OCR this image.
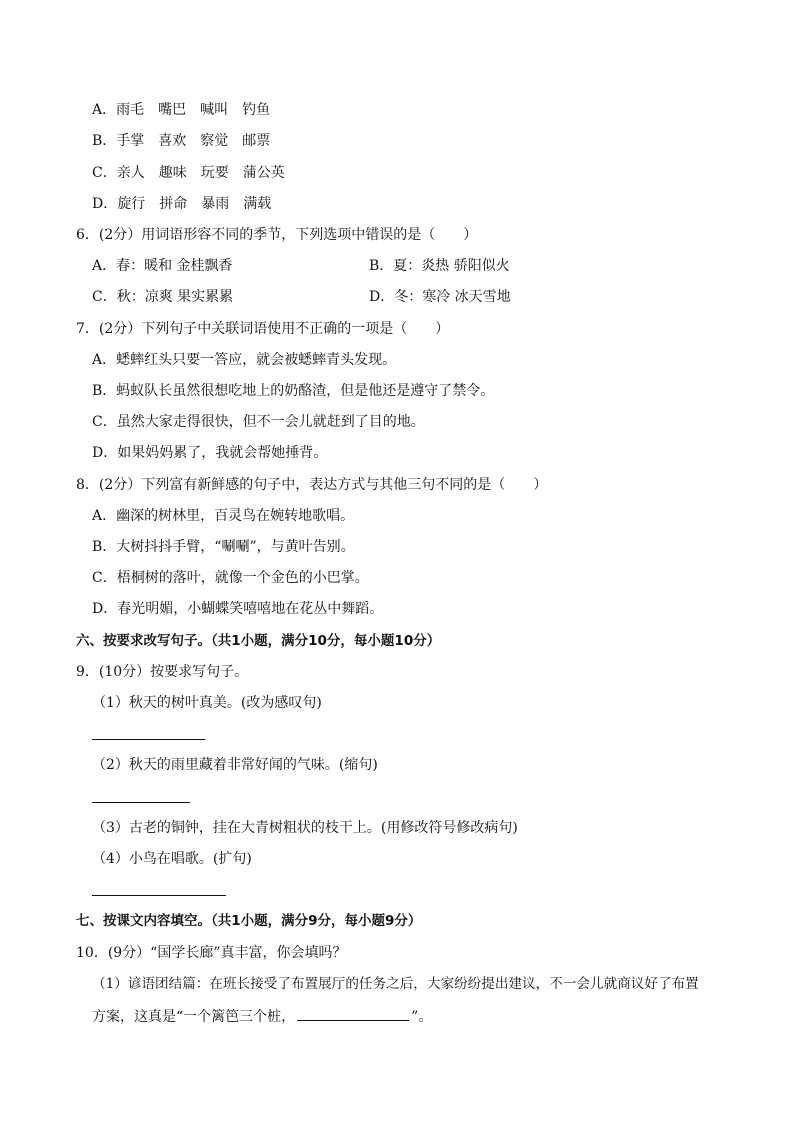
A．雨毛　嘴巴　喊叫　钓鱼
B．手掌　喜欢　察觉　邮票
C．亲人　趣味　玩要　蒲公英
D．旋行　拼命　暴雨　满载
6．(2分）用词语形容不同的季节，下列选项中错误的是（　　）
A．春：暖和 金桂飘香	B．夏：炎热 骄阳似火
C．秋：凉爽 果实累累	D．冬：寒冷 冰天雪地
7．(2分）下列句子中关联词语使用不正确的一项是（　　）
A．蟋蟀红头只要一答应，就会被蟋蟀青头发现。
B．蚂蚁队长虽然很想吃地上的奶酪渣，但是他还是遵守了禁令。
C．虽然大家走得很快，但不一会儿就赶到了目的地。
D．如果妈妈累了，我就会帮她捶背。
8．(2分）下列富有新鲜感的句子中，表达方式与其他三句不同的是（　　）
A．幽深的树林里，百灵鸟在婉转地歌唱。
B．大树抖抖手臂，“唰唰”，与黄叶告别。
C．梧桐树的落叶，就像一个金色的小巴掌。
D．春光明媚，小蝴蝶笑嘻嘻地在花丛中舞蹈。
六、按要求改写句子。（共1小题，满分10分，每小题10分）
9．(10分）按要求写句子。
（1）秋天的树叶真美。(改为感叹句)
（2）秋天的雨里藏着非常好闻的气味。(缩句)
（3）古老的铜钟，挂在大青树粗状的枝干上。(用修改符号修改病句)
（4）小鸟在唱歌。(扩句)
七、按课文内容填空。（共1小题，满分9分，每小题9分）
10．(9分）“国学长廊”真丰富，你会填吗？
（1）谚语团结篇：在班长接受了布置展厅的任务之后，大家纷纷提出建议，不一会儿就商议好了布置
方案，这真是“一个篱笆三个桩，	”。
